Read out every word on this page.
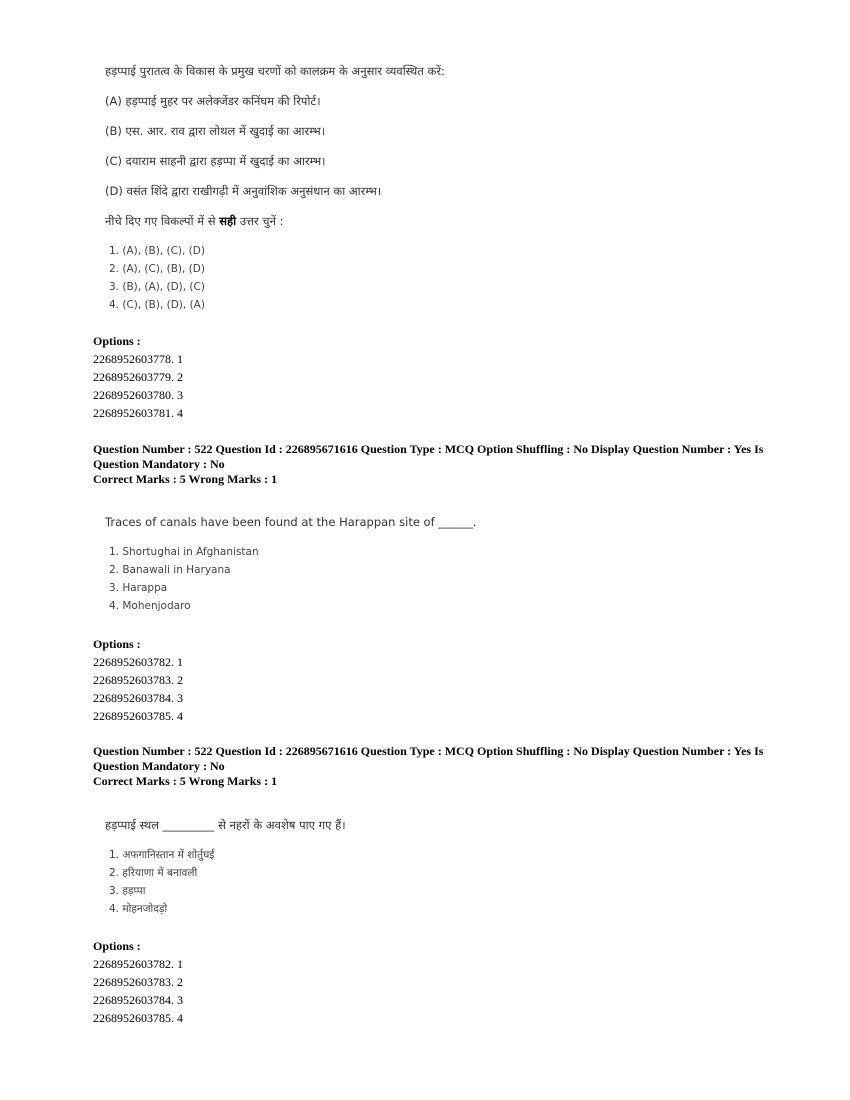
हड़प्पाई पुरातत्व के विकास के प्रमुख चरणों को कालक्रम के अनुसार व्यवस्थित करें:
(A) हड़प्पाई मुहर पर अलेक्जेंडर कनिंघम की रिपोर्ट।
(B) एस. आर. राव द्वारा लोथल में खुदाई का आरम्भ।
(C) दयाराम साहनी द्वारा हड़प्पा में खुदाई का आरम्भ।
(D) वसंत शिंदे द्वारा राखीगढ़ी में अनुवांशिक अनुसंधान का आरम्भ।
नीचे दिए गए विकल्पों में से सही उत्तर चुनें :
1. (A), (B), (C), (D)
2. (A), (C), (B), (D)
3. (B), (A), (D), (C)
4. (C), (B), (D), (A)
Options :
2268952603778. 1
2268952603779. 2
2268952603780. 3
2268952603781. 4
Question Number : 522 Question Id : 226895671616 Question Type : MCQ Option Shuffling : No Display Question Number : Yes Is Question Mandatory : No
Correct Marks : 5 Wrong Marks : 1
Traces of canals have been found at the Harappan site of ______.
1. Shortughai in Afghanistan
2. Banawali in Haryana
3. Harappa
4. Mohenjodaro
Options :
2268952603782. 1
2268952603783. 2
2268952603784. 3
2268952603785. 4
Question Number : 522 Question Id : 226895671616 Question Type : MCQ Option Shuffling : No Display Question Number : Yes Is Question Mandatory : No
Correct Marks : 5 Wrong Marks : 1
हड़प्पाई स्थल _________ से नहरों के अवशेष पाए गए हैं।
1. अफगानिस्तान में शोर्तुघई
2. हरियाणा में बनावली
3. हड़प्पा
4. मोहनजोदड़ो
Options :
2268952603782. 1
2268952603783. 2
2268952603784. 3
2268952603785. 4
